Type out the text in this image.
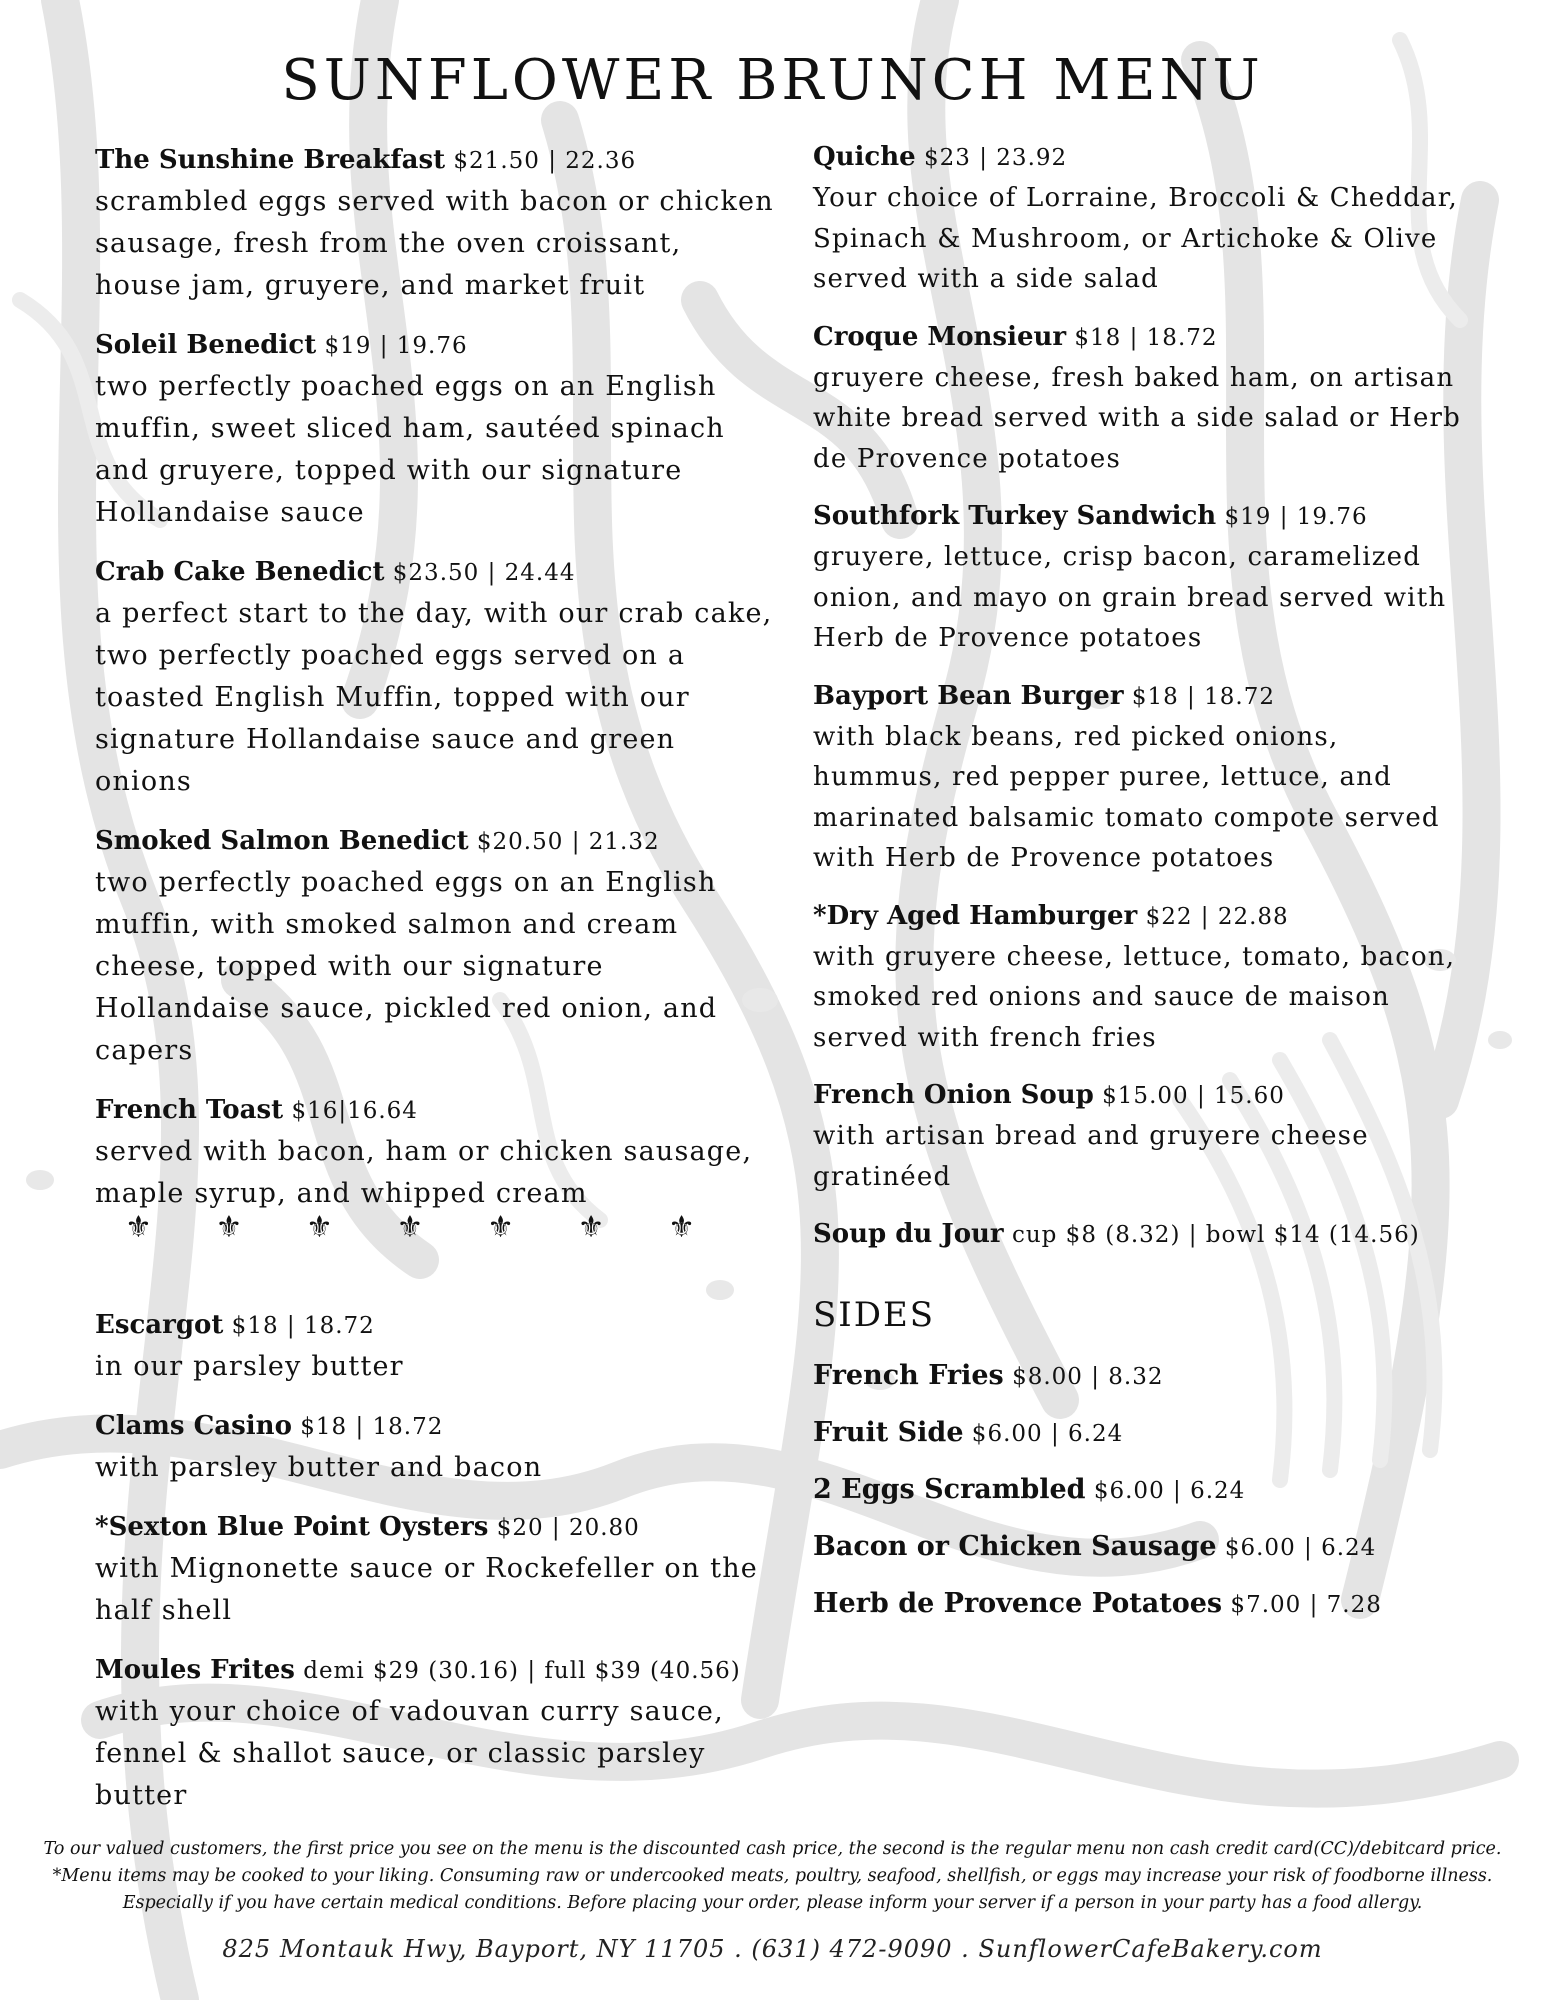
SUNFLOWER BRUNCH MENU
The Sunshine Breakfast $21.50 | 22.36
scrambled eggs served with bacon or chicken sausage, fresh from the oven croissant, house jam, gruyere, and market fruit
Soleil Benedict $19 | 19.76
two perfectly poached eggs on an English muffin, sweet sliced ham, sautéed spinach and gruyere, topped with our signature Hollandaise sauce
Crab Cake Benedict $23.50 | 24.44
a perfect start to the day, with our crab cake, two perfectly poached eggs served on a toasted English Muffin, topped with our signature Hollandaise sauce and green onions
Smoked Salmon Benedict $20.50 | 21.32
two perfectly poached eggs on an English muffin, with smoked salmon and cream cheese, topped with our signature Hollandaise sauce, pickled red onion, and capers
French Toast $16|16.64
served with bacon, ham or chicken sausage, maple syrup, and whipped cream
⚜ ⚜ ⚜ ⚜ ⚜ ⚜ ⚜
Escargot $18 | 18.72
in our parsley butter
Clams Casino $18 | 18.72
with parsley butter and bacon
*Sexton Blue Point Oysters $20 | 20.80
with Mignonette sauce or Rockefeller on the half shell
Moules Frites demi $29 (30.16) | full $39 (40.56)
with your choice of vadouvan curry sauce, fennel & shallot sauce, or classic parsley butter
Quiche $23 | 23.92
Your choice of Lorraine, Broccoli & Cheddar, Spinach & Mushroom, or Artichoke & Olive served with a side salad
Croque Monsieur $18 | 18.72
gruyere cheese, fresh baked ham, on artisan white bread served with a side salad or Herb de Provence potatoes
Southfork Turkey Sandwich $19 | 19.76
gruyere, lettuce, crisp bacon, caramelized onion, and mayo on grain bread served with Herb de Provence potatoes
Bayport Bean Burger $18 | 18.72
with black beans, red picked onions, hummus, red pepper puree, lettuce, and marinated balsamic tomato compote served with Herb de Provence potatoes
*Dry Aged Hamburger $22 | 22.88
with gruyere cheese, lettuce, tomato, bacon, smoked red onions and sauce de maison served with french fries
French Onion Soup $15.00 | 15.60
with artisan bread and gruyere cheese gratinéed
Soup du Jour cup $8 (8.32) | bowl $14 (14.56)
SIDES
French Fries $8.00 | 8.32
Fruit Side $6.00 | 6.24
2 Eggs Scrambled $6.00 | 6.24
Bacon or Chicken Sausage $6.00 | 6.24
Herb de Provence Potatoes $7.00 | 7.28
To our valued customers, the first price you see on the menu is the discounted cash price, the second is the regular menu non cash credit card(CC)/debitcard price.
*Menu items may be cooked to your liking. Consuming raw or undercooked meats, poultry, seafood, shellfish, or eggs may increase your risk of foodborne illness. Especially if you have certain medical conditions. Before placing your order, please inform your server if a person in your party has a food allergy.
825 Montauk Hwy, Bayport, NY 11705 . (631) 472-9090 . SunflowerCafeBakery.com
